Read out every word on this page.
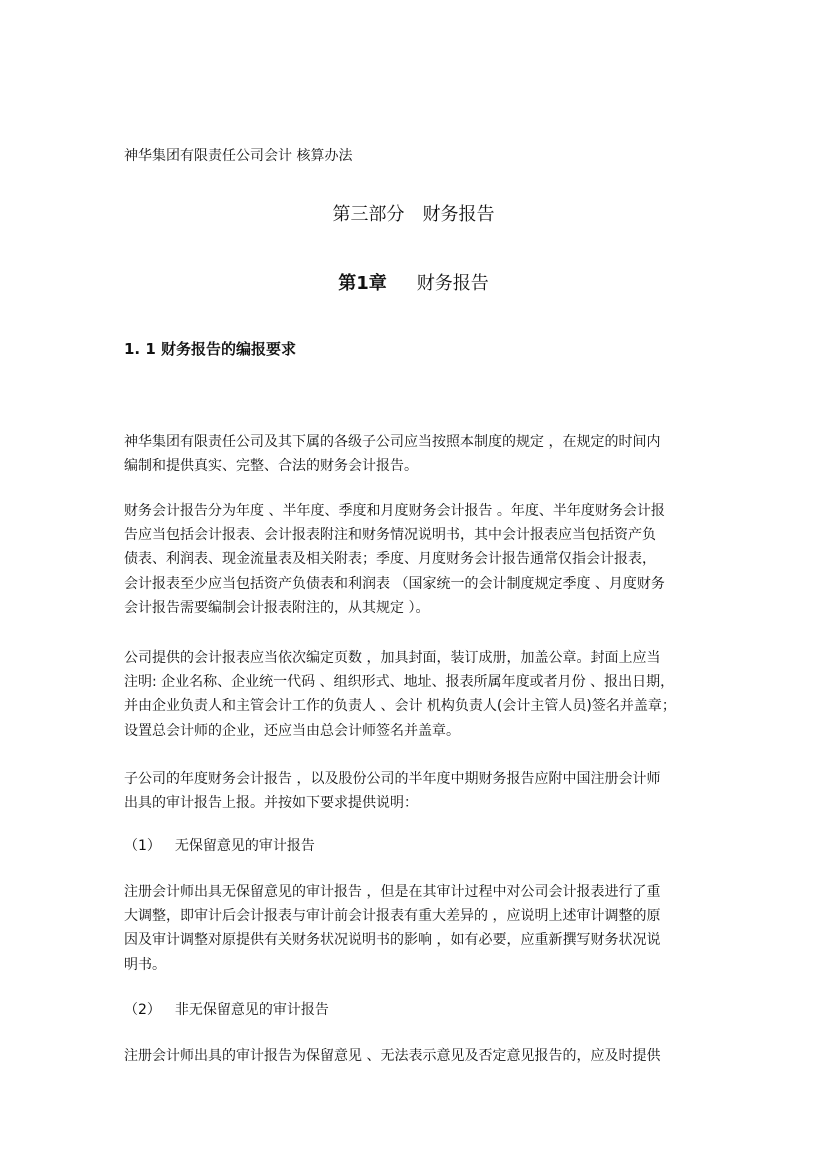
神华集团有限责任公司会计 核算办法
第三部分　财务报告
第1章 财务报告
1. 1 财务报告的编报要求

神华集团有限责任公司及其下属的各级子公司应当按照本制度的规定 ，在规定的时间内
编制和提供真实、完整、合法的财务会计报告。

财务会计报告分为年度 、半年度、季度和月度财务会计报告 。年度、半年度财务会计报
告应当包括会计报表、会计报表附注和财务情况说明书，其中会计报表应当包括资产负
债表、利润表、现金流量表及相关附表；季度、月度财务会计报告通常仅指会计报表，
会计报表至少应当包括资产负债表和利润表 （国家统一的会计制度规定季度 、月度财务
会计报告需要编制会计报表附注的，从其规定 ）。

公司提供的会计报表应当依次编定页数 ，加具封面，装订成册，加盖公章。封面上应当
注明: 企业名称、企业统一代码 、组织形式、地址、报表所属年度或者月份 、报出日期，
并由企业负责人和主管会计工作的负责人 、会计 机构负责人(会计主管人员)签名并盖章；
设置总会计师的企业，还应当由总会计师签名并盖章。

子公司的年度财务会计报告 ，以及股份公司的半年度中期财务报告应附中国注册会计师
出具的审计报告上报。并按如下要求提供说明：

（1） 无保留意见的审计报告

注册会计师出具无保留意见的审计报告 ，但是在其审计过程中对公司会计报表进行了重
大调整，即审计后会计报表与审计前会计报表有重大差异的 ，应说明上述审计调整的原
因及审计调整对原提供有关财务状况说明书的影响 ，如有必要，应重新撰写财务状况说
明书。

（2） 非无保留意见的审计报告

注册会计师出具的审计报告为保留意见 、无法表示意见及否定意见报告的，应及时提供
